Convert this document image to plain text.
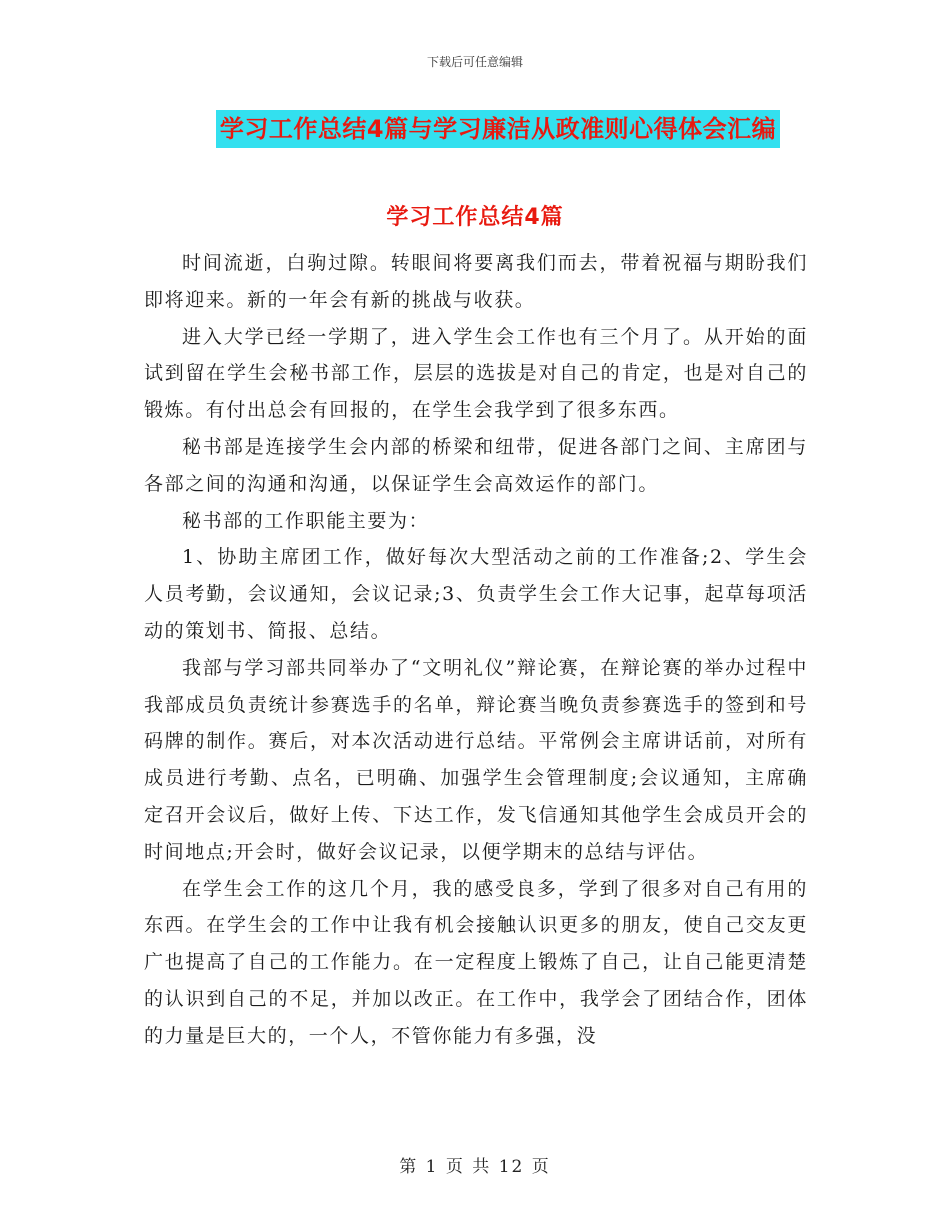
下载后可任意编辑
学习工作总结4篇与学习廉洁从政准则心得体会汇编
学习工作总结4篇

时间流逝，白驹过隙。转眼间将要离我们而去，带着祝福与期盼我们即将迎来。新的一年会有新的挑战与收获。

进入大学已经一学期了，进入学生会工作也有三个月了。从开始的面试到留在学生会秘书部工作，层层的选拔是对自己的肯定，也是对自己的锻炼。有付出总会有回报的，在学生会我学到了很多东西。

秘书部是连接学生会内部的桥梁和纽带，促进各部门之间、主席团与各部之间的沟通和沟通，以保证学生会高效运作的部门。

秘书部的工作职能主要为：

1、协助主席团工作，做好每次大型活动之前的工作准备;2、学生会人员考勤，会议通知，会议记录;3、负责学生会工作大记事，起草每项活动的策划书、简报、总结。

我部与学习部共同举办了“文明礼仪”辩论赛，在辩论赛的举办过程中我部成员负责统计参赛选手的名单，辩论赛当晚负责参赛选手的签到和号码牌的制作。赛后，对本次活动进行总结。平常例会主席讲话前，对所有成员进行考勤、点名，已明确、加强学生会管理制度;会议通知，主席确定召开会议后，做好上传、下达工作，发飞信通知其他学生会成员开会的时间地点;开会时，做好会议记录，以便学期末的总结与评估。

在学生会工作的这几个月，我的感受良多，学到了很多对自己有用的东西。在学生会的工作中让我有机会接触认识更多的朋友，使自己交友更广也提高了自己的工作能力。在一定程度上锻炼了自己，让自己能更清楚的认识到自己的不足，并加以改正。在工作中，我学会了团结合作，团体的力量是巨大的，一个人，不管你能力有多强，没

第 1 页 共 12 页
